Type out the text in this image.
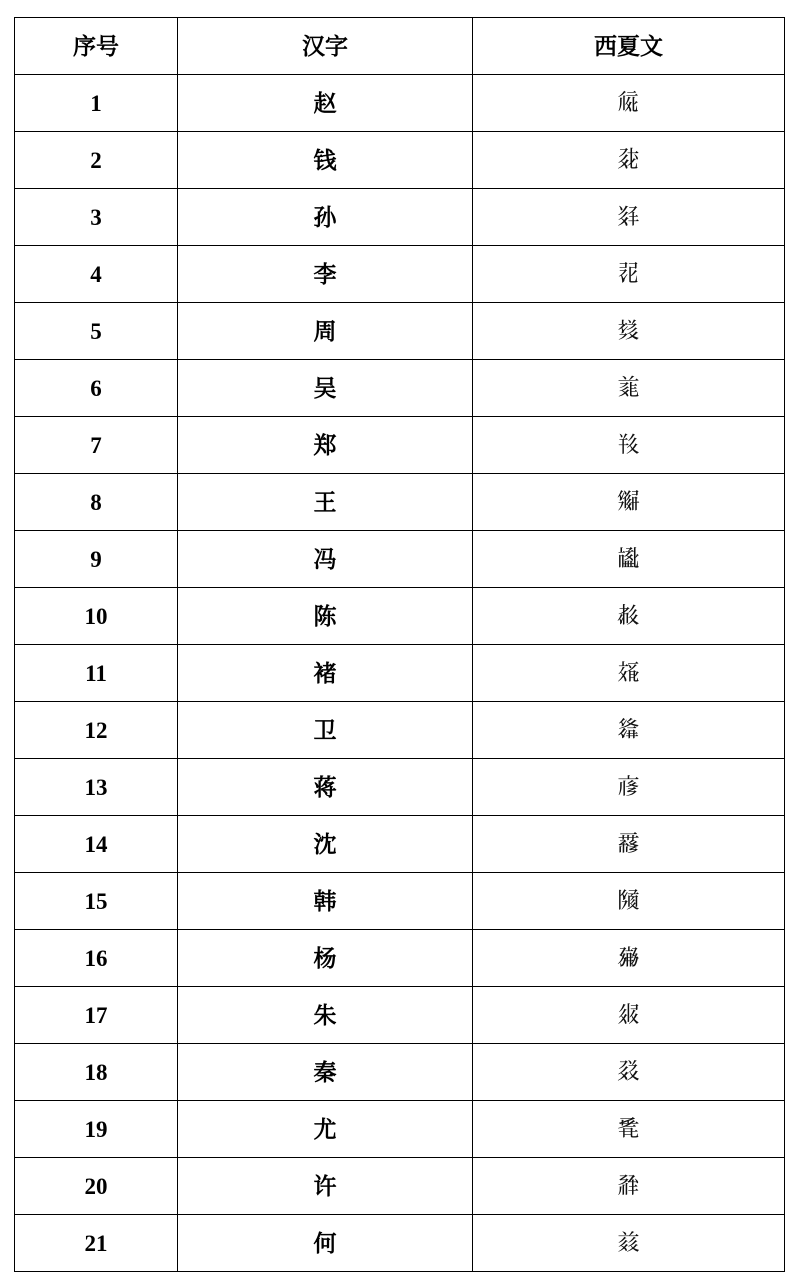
序号	汉字	西夏文
1	赵	𗏁
2	钱	𗳝
3	孙	𘂬
4	李	𗕿
5	周	𗭭
6	吴	𗑩
7	郑	𘁂
8	王	𗌗
9	冯	𗭢
10	陈	𗳒
11	褚	𘀶
12	卫	𗌮
13	蒋	𗇋
14	沈	𗵒
15	韩	𗂧
16	杨	𗉫
17	朱	𗤒
18	秦	𗳦
19	尤	𘆕
20	许	𗴂
21	何	𗑠
